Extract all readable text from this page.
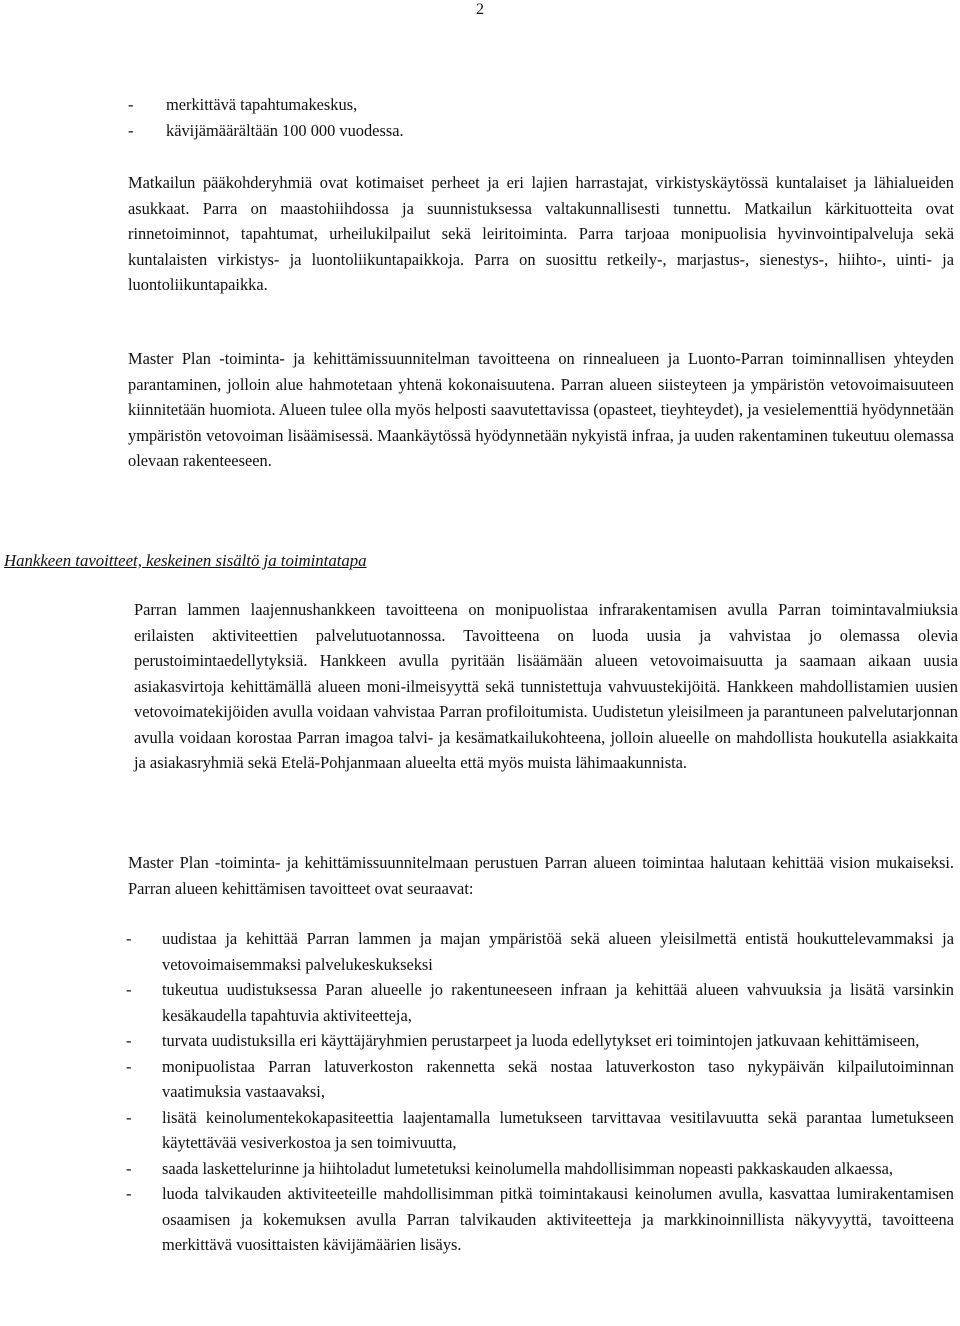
2
- merkittävä tapahtumakeskus,
- kävijämäärältään 100 000 vuodessa.
Matkailun pääkohderyhmiä ovat kotimaiset perheet ja eri lajien harrastajat, virkistyskäytössä kuntalaiset ja lähialueiden asukkaat. Parra on maastohiihdossa ja suunnistuksessa valtakunnallisesti tunnettu. Matkailun kärkituotteita ovat rinnetoiminnot, tapahtumat, urheilukilpailut sekä leiritoiminta. Parra tarjoaa monipuolisia hyvinvointipalveluja sekä kuntalaisten virkistys- ja luontoliikuntapaikkoja. Parra on suosittu retkeily-, marjastus-, sienestys-, hiihto-, uinti- ja luontoliikuntapaikka.
Master Plan -toiminta- ja kehittämissuunnitelman tavoitteena on rinnealueen ja Luonto-Parran toiminnallisen yhteyden parantaminen, jolloin alue hahmotetaan yhtenä kokonaisuutena. Parran alueen siisteyteen ja ympäristön vetovoimaisuuteen kiinnitetään huomiota. Alueen tulee olla myös helposti saavutettavissa (opasteet, tieyhteydet), ja vesielementtiä hyödynnetään ympäristön vetovoiman lisäämisessä. Maankäytössä hyödynnetään nykyistä infraa, ja uuden rakentaminen tukeutuu olemassa olevaan rakenteeseen.
Hankkeen tavoitteet, keskeinen sisältö ja toimintatapa
Parran lammen laajennushankkeen tavoitteena on monipuolistaa infrarakentamisen avulla Parran toimintavalmiuksia erilaisten aktiviteettien palvelutuotannossa. Tavoitteena on luoda uusia ja vahvistaa jo olemassa olevia perustoimintaedellytyksiä. Hankkeen avulla pyritään lisäämään alueen vetovoimaisuutta ja saamaan aikaan uusia asiakasvirtoja kehittämällä alueen moni-ilmeisyyttä sekä tunnistettuja vahvuustekijöitä. Hankkeen mahdollistamien uusien vetovoimatekijöiden avulla voidaan vahvistaa Parran profiloitumista. Uudistetun yleisilmeen ja parantuneen palvelutarjonnan avulla voidaan korostaa Parran imagoa talvi- ja kesämatkailukohteena, jolloin alueelle on mahdollista houkutella asiakkaita ja asiakasryhmiä sekä Etelä-Pohjanmaan alueelta että myös muista lähimaakunnista.
Master Plan -toiminta- ja kehittämissuunnitelmaan perustuen Parran alueen toimintaa halutaan kehittää vision mukaiseksi. Parran alueen kehittämisen tavoitteet ovat seuraavat:
- uudistaa ja kehittää Parran lammen ja majan ympäristöä sekä alueen yleisilmettä entistä houkuttelevammaksi ja vetovoimaisemmaksi palvelukeskukseksi
- tukeutua uudistuksessa Paran alueelle jo rakentuneeseen infraan ja kehittää alueen vahvuuksia ja lisätä varsinkin kesäkaudella tapahtuvia aktiviteetteja,
- turvata uudistuksilla eri käyttäjäryhmien perustarpeet ja luoda edellytykset eri toimintojen jatkuvaan kehittämiseen,
- monipuolistaa Parran latuverkoston rakennetta sekä nostaa latuverkoston taso nykypäivän kilpailutoiminnan vaatimuksia vastaavaksi,
- lisätä keinolumentekokapasiteettia laajentamalla lumetukseen tarvittavaa vesitilavuutta sekä parantaa lumetukseen käytettävää vesiverkostoa ja sen toimivuutta,
- saada laskettelurinne ja hiihtoladut lumetetuksi keinolumella mahdollisimman nopeasti pakkaskauden alkaessa,
- luoda talvikauden aktiviteeteille mahdollisimman pitkä toimintakausi keinolumen avulla, kasvattaa lumirakentamisen osaamisen ja kokemuksen avulla Parran talvikauden aktiviteetteja ja markkinoinnillista näkyvyyttä, tavoitteena merkittävä vuosittaisten kävijämäärien lisäys.
